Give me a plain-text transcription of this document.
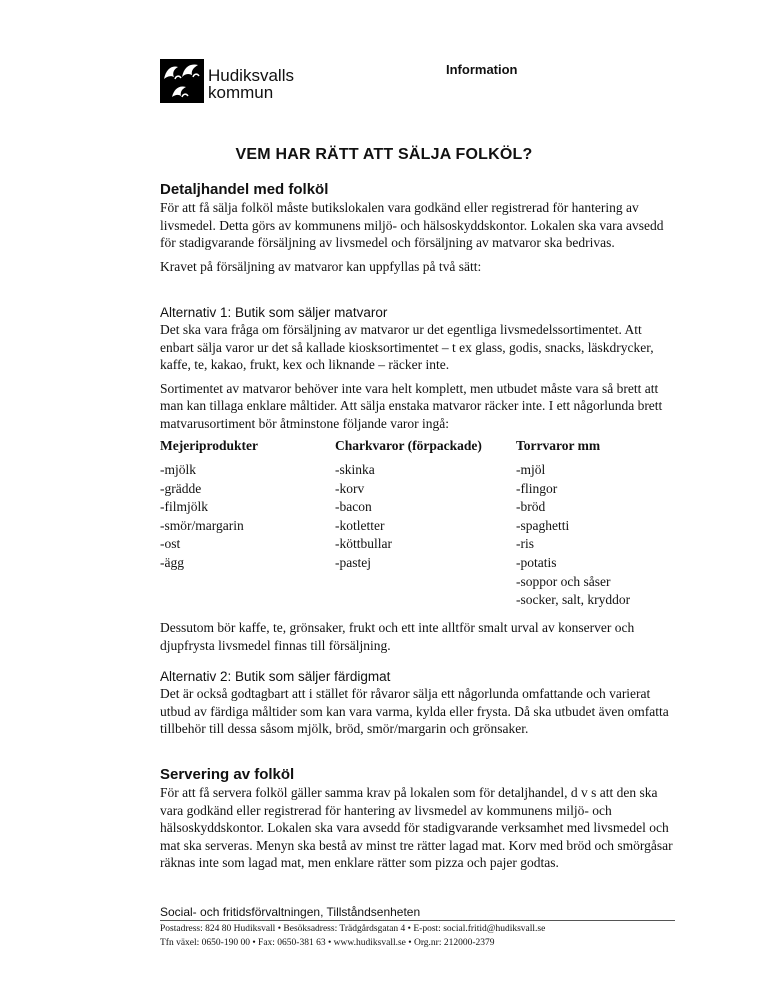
Hudiksvalls
kommun
Information
VEM HAR RÄTT ATT SÄLJA FOLKÖL?
Detaljhandel med folköl

För att få sälja folköl måste butikslokalen vara godkänd eller registrerad för hantering av livsmedel. Detta görs av kommunens miljö- och hälsoskyddskontor. Lokalen ska vara avsedd för stadigvarande försäljning av livsmedel och försäljning av matvaror ska bedrivas.

Kravet på försäljning av matvaror kan uppfyllas på två sätt:

Alternativ 1: Butik som säljer matvaror

Det ska vara fråga om försäljning av matvaror ur det egentliga livsmedelssortimentet. Att enbart sälja varor ur det så kallade kiosksortimentet – t ex glass, godis, snacks, läskdrycker, kaffe, te, kakao, frukt, kex och liknande – räcker inte.

Sortimentet av matvaror behöver inte vara helt komplett, men utbudet måste vara så brett att man kan tillaga enklare måltider. Att sälja enstaka matvaror räcker inte. I ett någorlunda brett matvarusortiment bör åtminstone följande varor ingå:

Mejeriprodukter
-mjölk
-grädde
-filmjölk
-smör/margarin
-ost
-ägg
Charkvaror (förpackade)
-skinka
-korv
-bacon
-kotletter
-köttbullar
-pastej
Torrvaror mm
-mjöl
-flingor
-bröd
-spaghetti
-ris
-potatis
-soppor och såser
-socker, salt, kryddor

Dessutom bör kaffe, te, grönsaker, frukt och ett inte alltför smalt urval av konserver och djupfrysta livsmedel finnas till försäljning.

Alternativ 2: Butik som säljer färdigmat

Det är också godtagbart att i stället för råvaror sälja ett någorlunda omfattande och varierat utbud av färdiga måltider som kan vara varma, kylda eller frysta. Då ska utbudet även omfatta tillbehör till dessa såsom mjölk, bröd, smör/margarin och grönsaker.

Servering av folköl

För att få servera folköl gäller samma krav på lokalen som för detaljhandel, d v s att den ska vara godkänd eller registrerad för hantering av livsmedel av kommunens miljö- och hälsoskyddskontor. Lokalen ska vara avsedd för stadigvarande verksamhet med livsmedel och mat ska serveras. Menyn ska bestå av minst tre rätter lagad mat. Korv med bröd och smörgåsar räknas inte som lagad mat, men enklare rätter som pizza och pajer godtas.

Social- och fritidsförvaltningen, Tillståndsenheten
Postadress: 824 80 Hudiksvall • Besöksadress: Trädgårdsgatan 4 • E-post: social.fritid@hudiksvall.se
Tfn växel: 0650-190 00 • Fax: 0650-381 63 • www.hudiksvall.se • Org.nr: 212000-2379
